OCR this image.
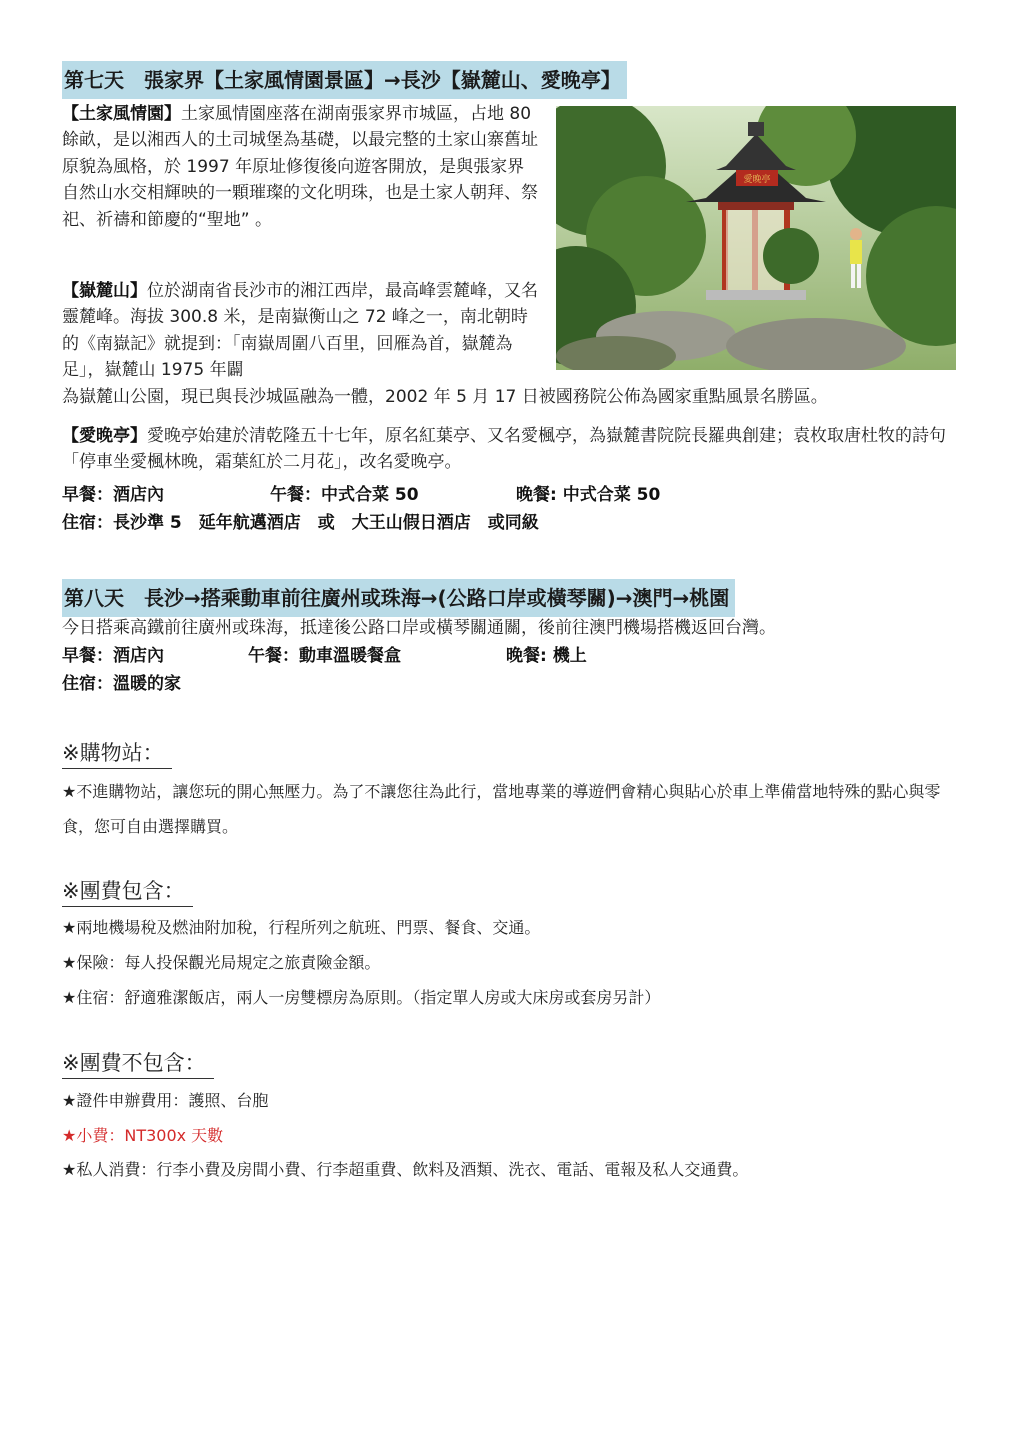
第七天　張家界【土家風情園景區】→長沙【嶽麓山、愛晚亭】
愛晚亭
【土家風情園】土家風情園座落在湖南張家界市城區，占地 80 餘畝，是以湘西人的土司城堡為基礎，以最完整的土家山寨舊址原貌為風格，於 1997 年原址修復後向遊客開放，是與張家界自然山水交相輝映的一顆璀璨的文化明珠，也是土家人朝拜、祭祀、祈禱和節慶的“聖地” 。
【嶽麓山】位於湖南省長沙市的湘江西岸，最高峰雲麓峰，又名靈麓峰。海拔 300.8 米，是南嶽衡山之 72 峰之一，南北朝時的《南嶽記》就提到：「南嶽周圍八百里，回雁為首，嶽麓為足」，嶽麓山 1975 年闢
為嶽麓山公園，現已與長沙城區融為一體，2002 年 5 月 17 日被國務院公佈為國家重點風景名勝區。
【愛晚亭】愛晚亭始建於清乾隆五十七年，原名紅葉亭、又名愛楓亭，為嶽麓書院院長羅典創建；袁枚取唐杜牧的詩句「停車坐愛楓林晚，霜葉紅於二月花」，改名愛晚亭。
早餐：酒店內	午餐：中式合菜 50	晚餐: 中式合菜 50
住宿：長沙準 5　延年航邁酒店　或　大王山假日酒店　或同級
第八天　長沙→搭乘動車前往廣州或珠海→(公路口岸或橫琴關)→澳門→桃園
今日搭乘高鐵前往廣州或珠海，抵達後公路口岸或橫琴關通關，後前往澳門機場搭機返回台灣。
早餐：酒店內	午餐：動車溫暖餐盒	晚餐: 機上
住宿：溫暖的家
※購物站：
★不進購物站，讓您玩的開心無壓力。為了不讓您往為此行，當地專業的導遊們會精心與貼心於車上準備當地特殊的點心與零食，您可自由選擇購買。
※團費包含：
★兩地機場稅及燃油附加稅，行程所列之航班、門票、餐食、交通。
★保險：每人投保觀光局規定之旅責險金額。
★住宿：舒適雅潔飯店，兩人一房雙標房為原則。（指定單人房或大床房或套房另計）
※團費不包含：
★證件申辦費用：護照、台胞
★小費：NT300x 天數
★私人消費：行李小費及房間小費、行李超重費、飲料及酒類、洗衣、電話、電報及私人交通費。
